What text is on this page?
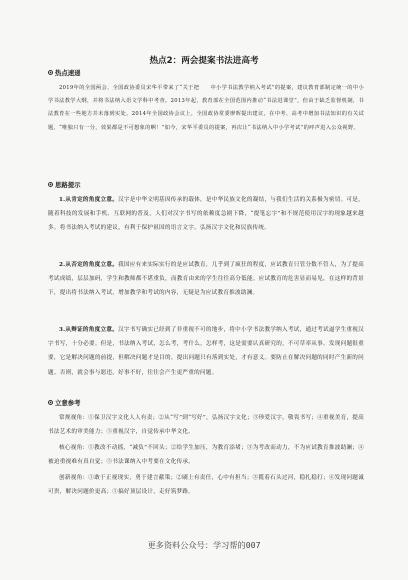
热点2：两会提案书法进高考
热点速递

2019年的全国两会，全国政协委员宋华平带来了“关于把　　中小学书法教学纳入考试”的提案，建议教育部制定统一的中小学书法教学大纲，并将书法纳入语文学科中考查。2013年起，教育部在全国范围内推动“书法进课堂”，但由于缺乏监督机制，书法教育在一些地方并未落到实处。2014年全国政协会议上，全国政协常委廖晖提出建议，在中考、高考中增加书法知识的有关试题，“唯独只有一分，效果都是不可想象的啊！”如今，宋华平委员的提案，再次让“书法纳入中小学考试”的呼声进入公众视野。

思路提示

1.从肯定的角度立意。汉字是中华文明基因传承的载体，是中华民族文化的凝结，与我们生活的关系极为密切。可是，随着科技的发展和手机、互联网的普及，人们对汉字书写的依赖度急剧下降，“提笔忘字”和不规范使用汉字的现象越来越多。将书法纳入考试的建议，有利于保护祖国的语言文字，弘扬汉字文化和民族传统。

2.从否定的角度立意。我国应有来实际实行的是应试教育，几乎到了疯狂的程度，应试教育只管分数不管人，为了提高考试成绩，层层加码，学生和教师都不堪重负，而教育由来的学生往往高分低能。应试教育的危害显而易见，在这样的背景下，提出将书法纳入考试，增加教学和考试的内容，无疑是为应试教育推波助澜。

3.从辩证的角度立意。汉字书写确实已经到了非重视不可的地步，将中小学书法教学纳入考试，通过考试逼学生重视汉字书写，十分必要。但是，书法纳入考试，怎么考，考什么，怎样考，这是需要认真研究的，不可草率从事。发现问题很重要，它是解决问题的前提，但解决问题才是目的。提出问题只有落到实处，才有意义。要防止在解决问题的同时产生新的问题。否则，就会事与愿违，好事不好，往往会产生更严重的问题。

立意参考

常规视角：①保卫汉字文化人人有责；②从“写”到“写好”，弘扬汉字文化；③珍爱汉字，敬畏书写；④重视美育，提高书法艺术的审美能力；⑤重视汉字，自觉传承中华文化。

核心视角：①教改不动摇，“减负”不回头；②给学生加压，为教育添堵；③为考改而动力，不为应试教育推波助澜；④被迫重视难有真自觉；⑤书法课纳入中考要在文化传承。

创新视角：①敢于正视现实，勇于建言献策；②刷上有责任，心中有担当；③揽着石头过河，稳扎稳打；④发现问题诚可贵，解决问题价更高；⑤搞好顶层设计，走好筑梦路。

更多资料公众号：学习帮的007
